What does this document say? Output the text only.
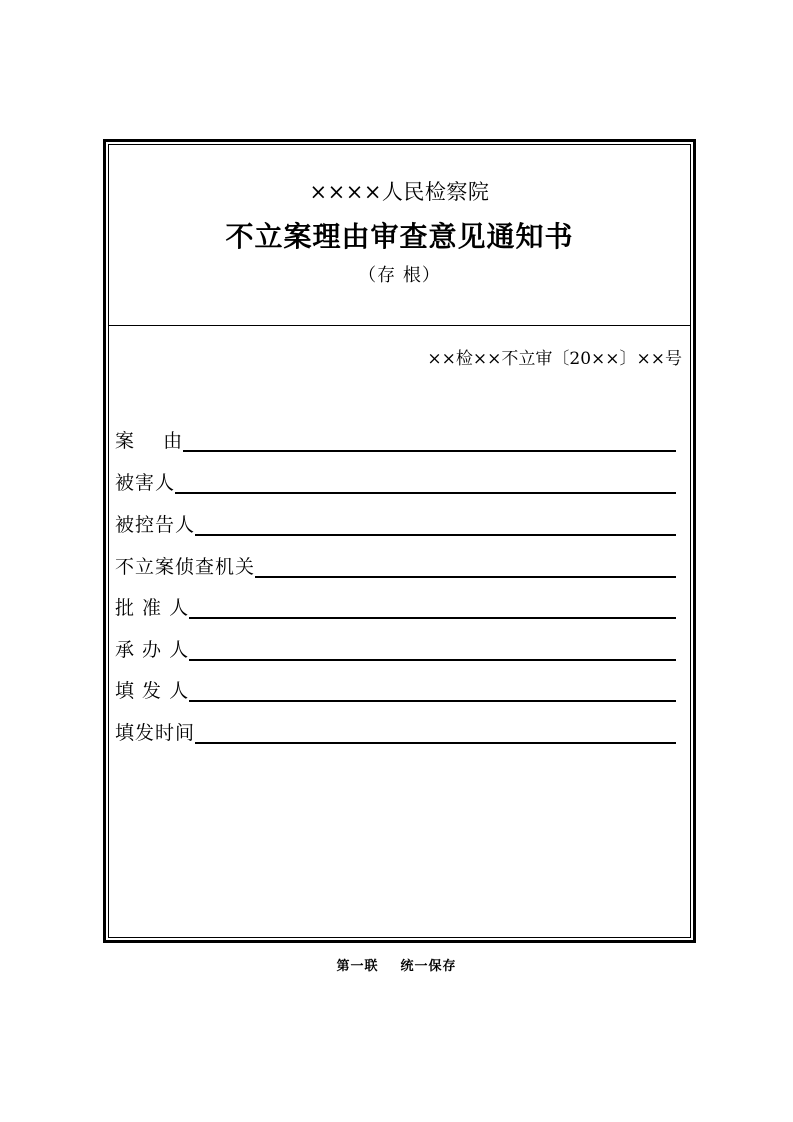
××××人民检察院
不立案理由审查意见通知书
（存 根）
××检××不立审〔20××〕××号
案    由
被害人
被控告人
不立案侦查机关
批 准 人
承 办 人
填 发 人
填发时间
第一联    统一保存
